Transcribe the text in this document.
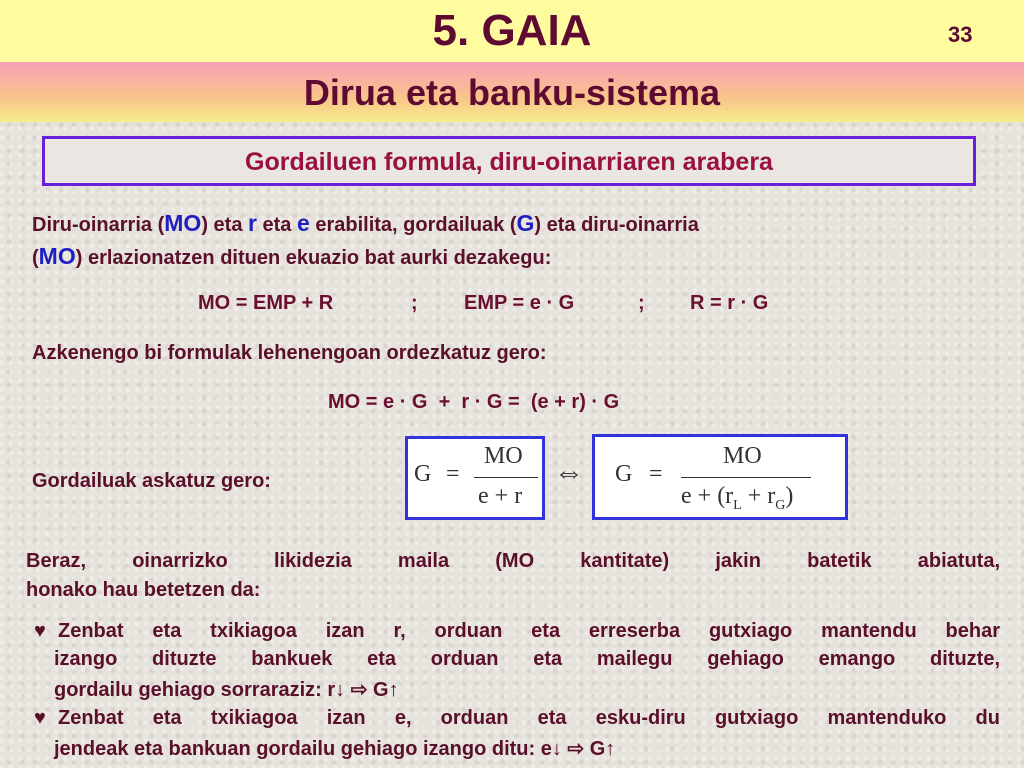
5. GAIA	33
Dirua eta banku-sistema
Gordailuen formula, diru-oinarriaren arabera
Diru-oinarria (MO) eta r eta e erabilita, gordailuak (G) eta diru-oinarria
(MO) erlazionatzen dituen ekuazio bat aurki dezakegu:
MO = EMP + R	; EMP = e · G	; R = r · G
Azkenengo bi formulak lehenengoan ordezkatuz gero:
MO = e · G  +  r · G =  (e + r) · G
Gordailuak askatuz gero:	G =
MO
e + r
⇔ G =
MO
$e + (r_L + r_G)$
Beraz, oinarrizko likidezia maila (MO kantitate) jakin batetik abiatuta,
honako hau betetzen da:
♥ Zenbat eta txikiagoa izan r, orduan eta erreserba gutxiago mantendu behar
izango dituzte bankuek eta orduan eta mailegu gehiago emango dituzte,
gordailu gehiago sorraraziz: r↓ ⇨ G↑
♥ Zenbat eta txikiagoa izan e, orduan eta esku-diru gutxiago mantenduko du
jendeak eta bankuan gordailu gehiago izango ditu: e↓ ⇨ G↑
